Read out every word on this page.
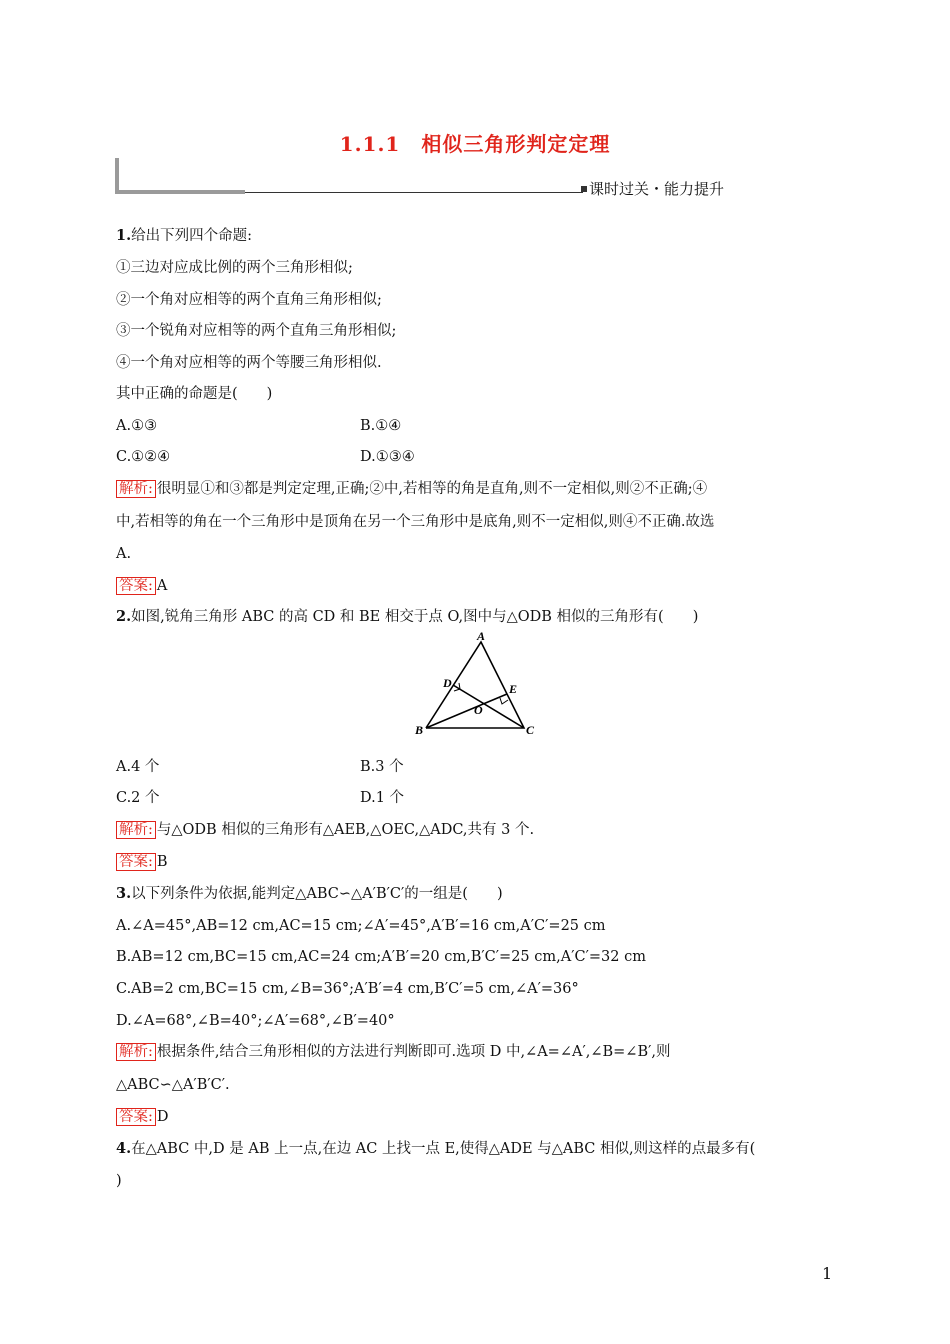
1.1.1　相似三角形判定定理
课时过关・能力提升
1.给出下列四个命题:
①三边对应成比例的两个三角形相似;
②一个角对应相等的两个直角三角形相似;
③一个锐角对应相等的两个直角三角形相似;
④一个角对应相等的两个等腰三角形相似.
其中正确的命题是(　　)
A.①③	B.①④
C.①②④	D.①③④
解析: 很明显①和③都是判定定理,正确;②中,若相等的角是直角,则不一定相似,则②不正确;④
中,若相等的角在一个三角形中是顶角在另一个三角形中是底角,则不一定相似,则④不正确.故选
A.
答案: A
2.如图,锐角三角形 ABC 的高 CD 和 BE 相交于点 O,图中与△ODB 相似的三角形有(　　)
A
B	C
D	E
O
A.4 个	B.3 个
C.2 个	D.1 个
解析: 与△ODB 相似的三角形有△AEB,△OEC,△ADC,共有 3 个.
答案: B
3.以下列条件为依据,能判定△ABC∽△A′B′C′的一组是(　　)
A.∠A=45°,AB=12 cm,AC=15 cm;∠A′=45°,A′B′=16 cm,A′C′=25 cm
B.AB=12 cm,BC=15 cm,AC=24 cm;A′B′=20 cm,B′C′=25 cm,A′C′=32 cm
C.AB=2 cm,BC=15 cm,∠B=36°;A′B′=4 cm,B′C′=5 cm,∠A′=36°
D.∠A=68°,∠B=40°;∠A′=68°,∠B′=40°
解析: 根据条件,结合三角形相似的方法进行判断即可.选项 D 中,∠A=∠A′,∠B=∠B′,则
△ABC∽△A′B′C′.
答案: D
4.在△ABC 中,D 是 AB 上一点,在边 AC 上找一点 E,使得△ADE 与△ABC 相似,则这样的点最多有(
)
1
